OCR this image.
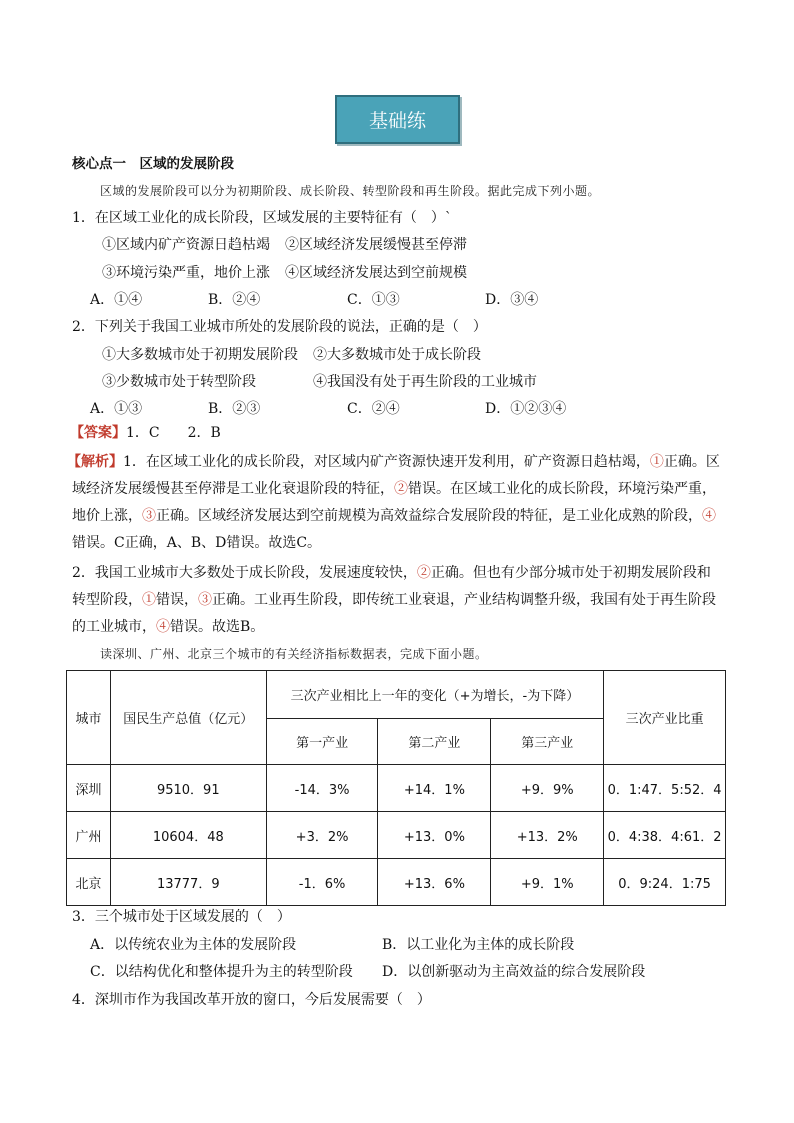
基础练
核心点一　区域的发展阶段
区域的发展阶段可以分为初期阶段、成长阶段、转型阶段和再生阶段。据此完成下列小题。
1．在区域工业化的成长阶段，区域发展的主要特征有（　）`
①区域内矿产资源日趋枯竭 ②区域经济发展缓慢甚至停滞
③环境污染严重，地价上涨 ④区域经济发展达到空前规模
A．①④	B．②④	C．①③	D．③④
2．下列关于我国工业城市所处的发展阶段的说法，正确的是（　）
①大多数城市处于初期发展阶段 ②大多数城市处于成长阶段
③少数城市处于转型阶段	④我国没有处于再生阶段的工业城市
A．①③	B．②③	C．②④	D．①②③④
【答案】1．C　　2．B
【解析】1．在区域工业化的成长阶段，对区域内矿产资源快速开发利用，矿产资源日趋枯竭，①正确。区域经济发展缓慢甚至停滞是工业化衰退阶段的特征，②错误。在区域工业化的成长阶段，环境污染严重，地价上涨，③正确。区域经济发展达到空前规模为高效益综合发展阶段的特征，是工业化成熟的阶段，④错误。C正确，A、B、D错误。故选C。
2．我国工业城市大多数处于成长阶段，发展速度较快，②正确。但也有少部分城市处于初期发展阶段和转型阶段，①错误，③正确。工业再生阶段，即传统工业衰退，产业结构调整升级，我国有处于再生阶段的工业城市，④错误。故选B。
读深圳、广州、北京三个城市的有关经济指标数据表，完成下面小题。
城市	国民生产总值（亿元）	三次产业相比上一年的变化（+为增长，-为下降）			三次产业比重
		第一产业	第二产业	第三产业	
深圳	9510．91	-14．3%	+14．1%	+9．9%	0．1:47．5:52．4
广州	10604．48	+3．2%	+13．0%	+13．2%	0．4:38．4:61．2
北京	13777．9	-1．6%	+13．6%	+9．1%	0．9:24．1:75
3．三个城市处于区域发展的（　）
A．以传统农业为主体的发展阶段	B．以工业化为主体的成长阶段
C．以结构优化和整体提升为主的转型阶段 D．以创新驱动为主高效益的综合发展阶段
4．深圳市作为我国改革开放的窗口，今后发展需要（　）
